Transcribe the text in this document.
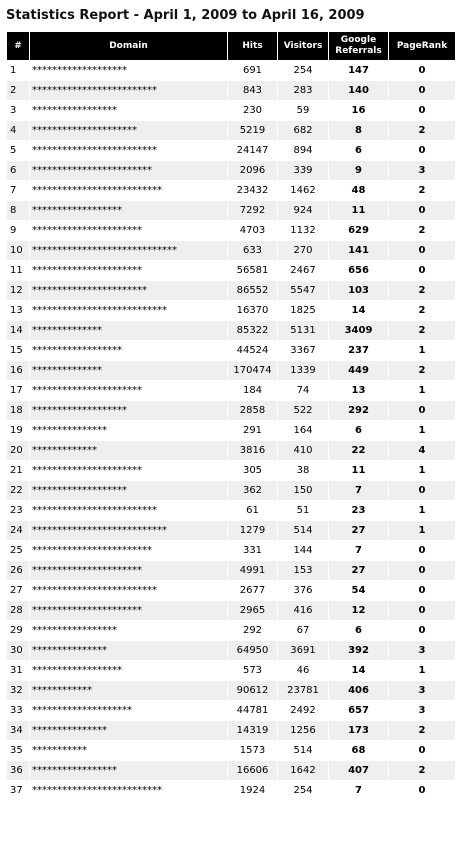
Statistics Report - April 1, 2009 to April 16, 2009
#	Domain	Hits	Visitors	Google Referrals	PageRank
1	*******************	691	254	147	0
2	*************************	843	283	140	0
3	*****************	230	59	16	0
4	*********************	5219	682	8	2
5	*************************	24147	894	6	0
6	************************	2096	339	9	3
7	**************************	23432	1462	48	2
8	******************	7292	924	11	0
9	**********************	4703	1132	629	2
10	*****************************	633	270	141	0
11	**********************	56581	2467	656	0
12	***********************	86552	5547	103	2
13	***************************	16370	1825	14	2
14	**************	85322	5131	3409	2
15	******************	44524	3367	237	1
16	**************	170474	1339	449	2
17	**********************	184	74	13	1
18	*******************	2858	522	292	0
19	***************	291	164	6	1
20	*************	3816	410	22	4
21	**********************	305	38	11	1
22	*******************	362	150	7	0
23	*************************	61	51	23	1
24	***************************	1279	514	27	1
25	************************	331	144	7	0
26	**********************	4991	153	27	0
27	*************************	2677	376	54	0
28	**********************	2965	416	12	0
29	*****************	292	67	6	0
30	***************	64950	3691	392	3
31	******************	573	46	14	1
32	************	90612	23781	406	3
33	********************	44781	2492	657	3
34	***************	14319	1256	173	2
35	***********	1573	514	68	0
36	*****************	16606	1642	407	2
37	**************************	1924	254	7	0
